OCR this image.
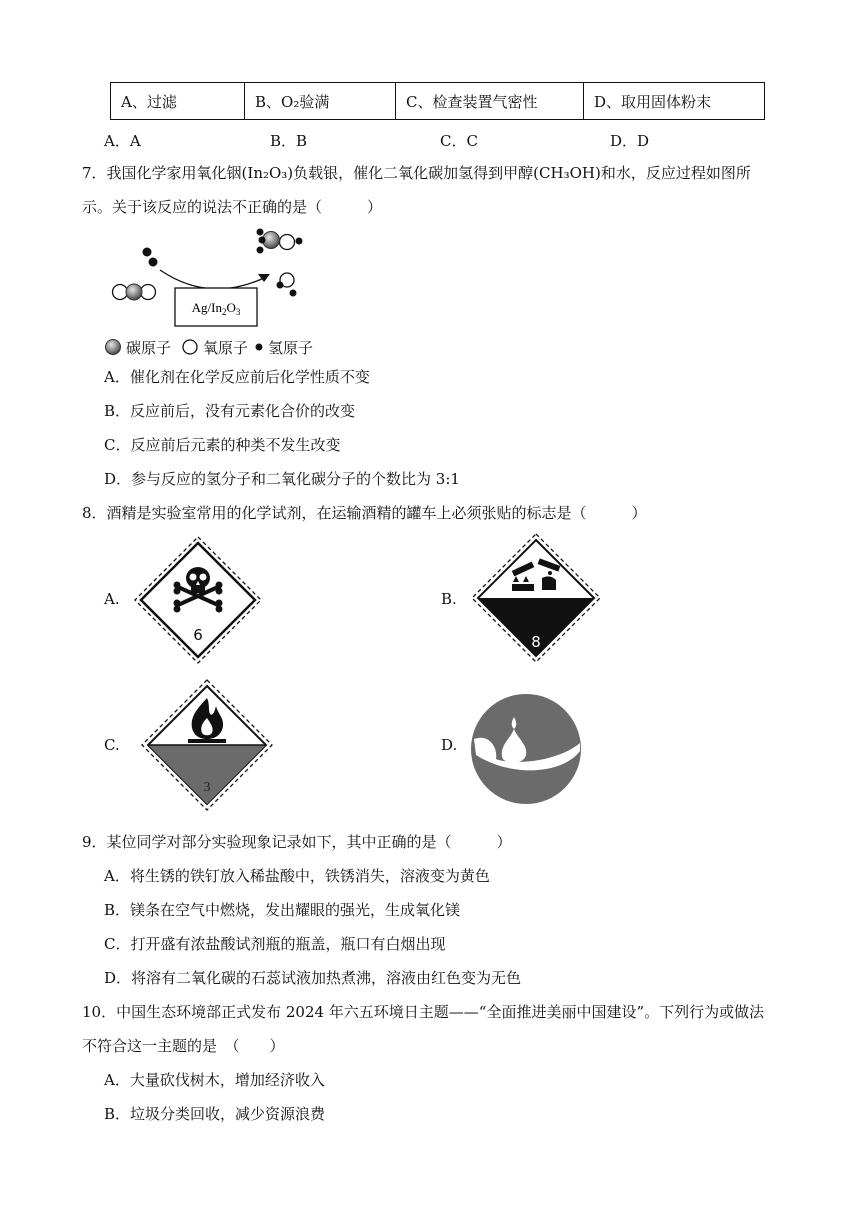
A、过滤	B、O₂验满	C、检查装置气密性	D、取用固体粉末
A．A	B．B	C．C	D．D
7．我国化学家用氧化铟(In₂O₃)负载银，催化二氧化碳加氢得到甲醇(CH₃OH)和水，反应过程如图所
示。关于该反应的说法不正确的是（　　　）
$Ag/In_2O_3$
碳原子 氧原子 氢原子
A．催化剂在化学反应前后化学性质不变
B．反应前后，没有元素化合价的改变
C．反应前后元素的种类不发生改变
D．参与反应的氢分子和二氧化碳分子的个数比为 3:1
8．酒精是实验室常用的化学试剂，在运输酒精的罐车上必须张贴的标志是（　　　）
A.
6
B.
8
C.
3
D.
9．某位同学对部分实验现象记录如下，其中正确的是（　　　）
A．将生锈的铁钉放入稀盐酸中，铁锈消失，溶液变为黄色
B．镁条在空气中燃烧，发出耀眼的强光，生成氧化镁
C．打开盛有浓盐酸试剂瓶的瓶盖，瓶口有白烟出现
D．将溶有二氧化碳的石蕊试液加热煮沸，溶液由红色变为无色
10．中国生态环境部正式发布 2024 年六五环境日主题——“全面推进美丽中国建设”。下列行为或做法
不符合这一主题的是　（　　）
A．大量砍伐树木，增加经济收入
B．垃圾分类回收，减少资源浪费
